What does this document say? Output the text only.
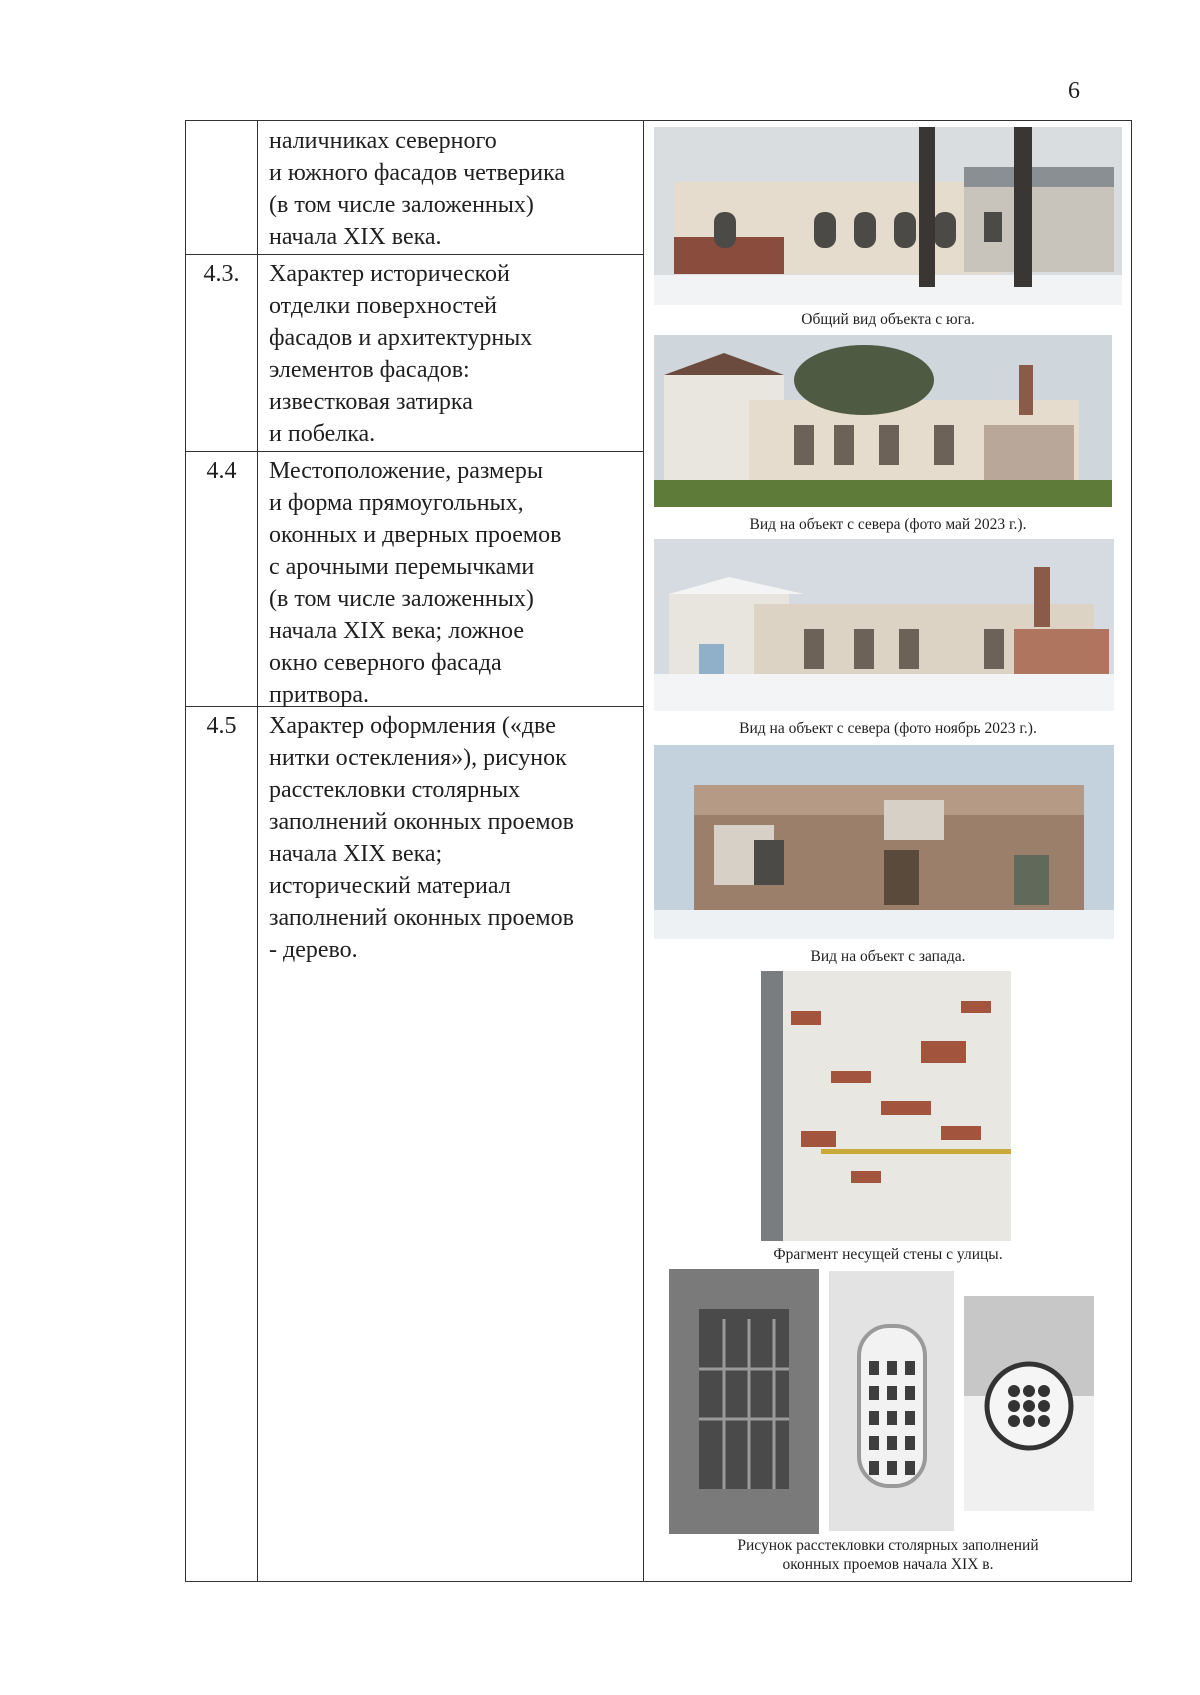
6
наличниках северного
и южного фасадов четверика
(в том числе заложенных)
начала XIX века.
4.3.	Характер исторической
отделки поверхностей
фасадов и архитектурных
элементов фасадов:
известковая затирка
и побелка.
4.4	Местоположение, размеры
и форма прямоугольных,
оконных и дверных проемов
с арочными перемычками
(в том числе заложенных)
начала XIX века; ложное
окно северного фасада
притвора.
4.5	Характер оформления («две
нитки остекления»), рисунок
расстекловки столярных
заполнений оконных проемов
начала XIX века;
исторический материал
заполнений оконных проемов
- дерево.
Общий вид объекта с юга.
Вид на объект с севера (фото май 2023 г.).
Вид на объект с севера (фото ноябрь 2023 г.).
Вид на объект с запада.
Фрагмент несущей стены с улицы.
Рисунок расстекловки столярных заполнений
оконных проемов начала XIX в.
